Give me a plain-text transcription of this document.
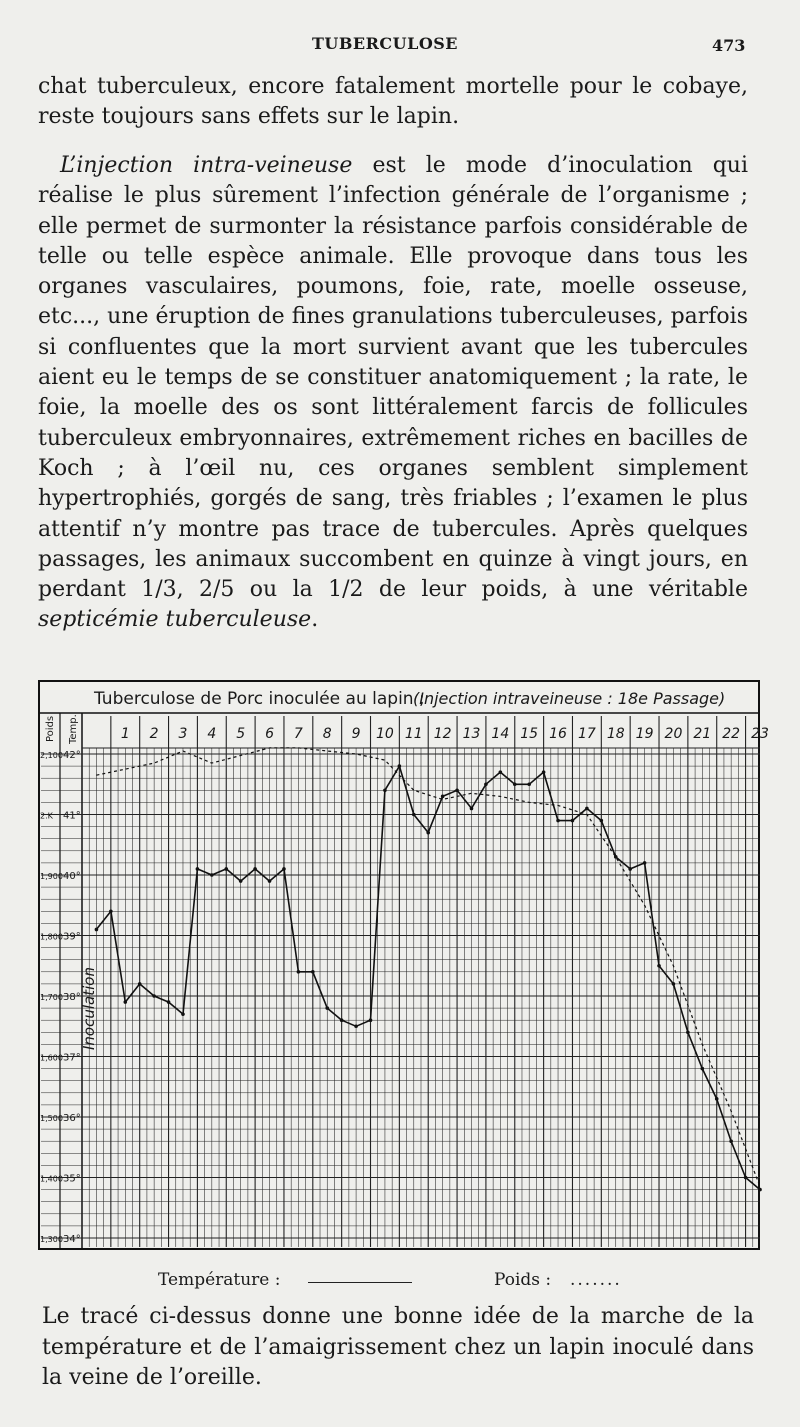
TUBERCULOSE	473

chat tuberculeux, encore fatalement mortelle pour le cobaye, reste toujours sans effets sur le lapin.

L’injection intra-veineuse est le mode d’inoculation qui réalise le plus sûrement l’infection générale de l’organisme ; elle permet de surmonter la résistance parfois considérable de telle ou telle espèce animale. Elle provoque dans tous les organes vasculaires, poumons, foie, rate, moelle osseuse, etc..., une éruption de fines granulations tuberculeuses, parfois si confluentes que la mort survient avant que les tubercules aient eu le temps de se constituer anatomiquement ; la rate, le foie, la moelle des os sont littéralement farcis de follicules tuberculeux embryonnaires, extrêmement riches en bacilles de Koch ; à l’œil nu, ces organes semblent simplement hypertrophiés, gorgés de sang, très friables ; l’examen le plus attentif n’y montre pas trace de tubercules. Après quelques passages, les animaux succombent en quinze à vingt jours, en perdant 1/3, 2/5 ou la 1/2 de leur poids, à une véritable septicémie tuberculeuse.

Tuberculose de Porc inoculée au lapin ;
(Injection intraveineuse : 18e Passage)
Poids Temp.	1 2 3 4 5 6 7 8 9 10 11 12 13 14 15 16 17 18 19 20 21 22 23
42°
41°
40°
39°
38°
37°
36°
35°
34°
2,100
2.K
1,900
1,800
1,700
1,600
1,500
1,400
1,300
Inoculation
Température :	Poids : .......

Le tracé ci-dessus donne une bonne idée de la marche de la température et de l’amaigrissement chez un lapin inoculé dans la veine de l’oreille.
